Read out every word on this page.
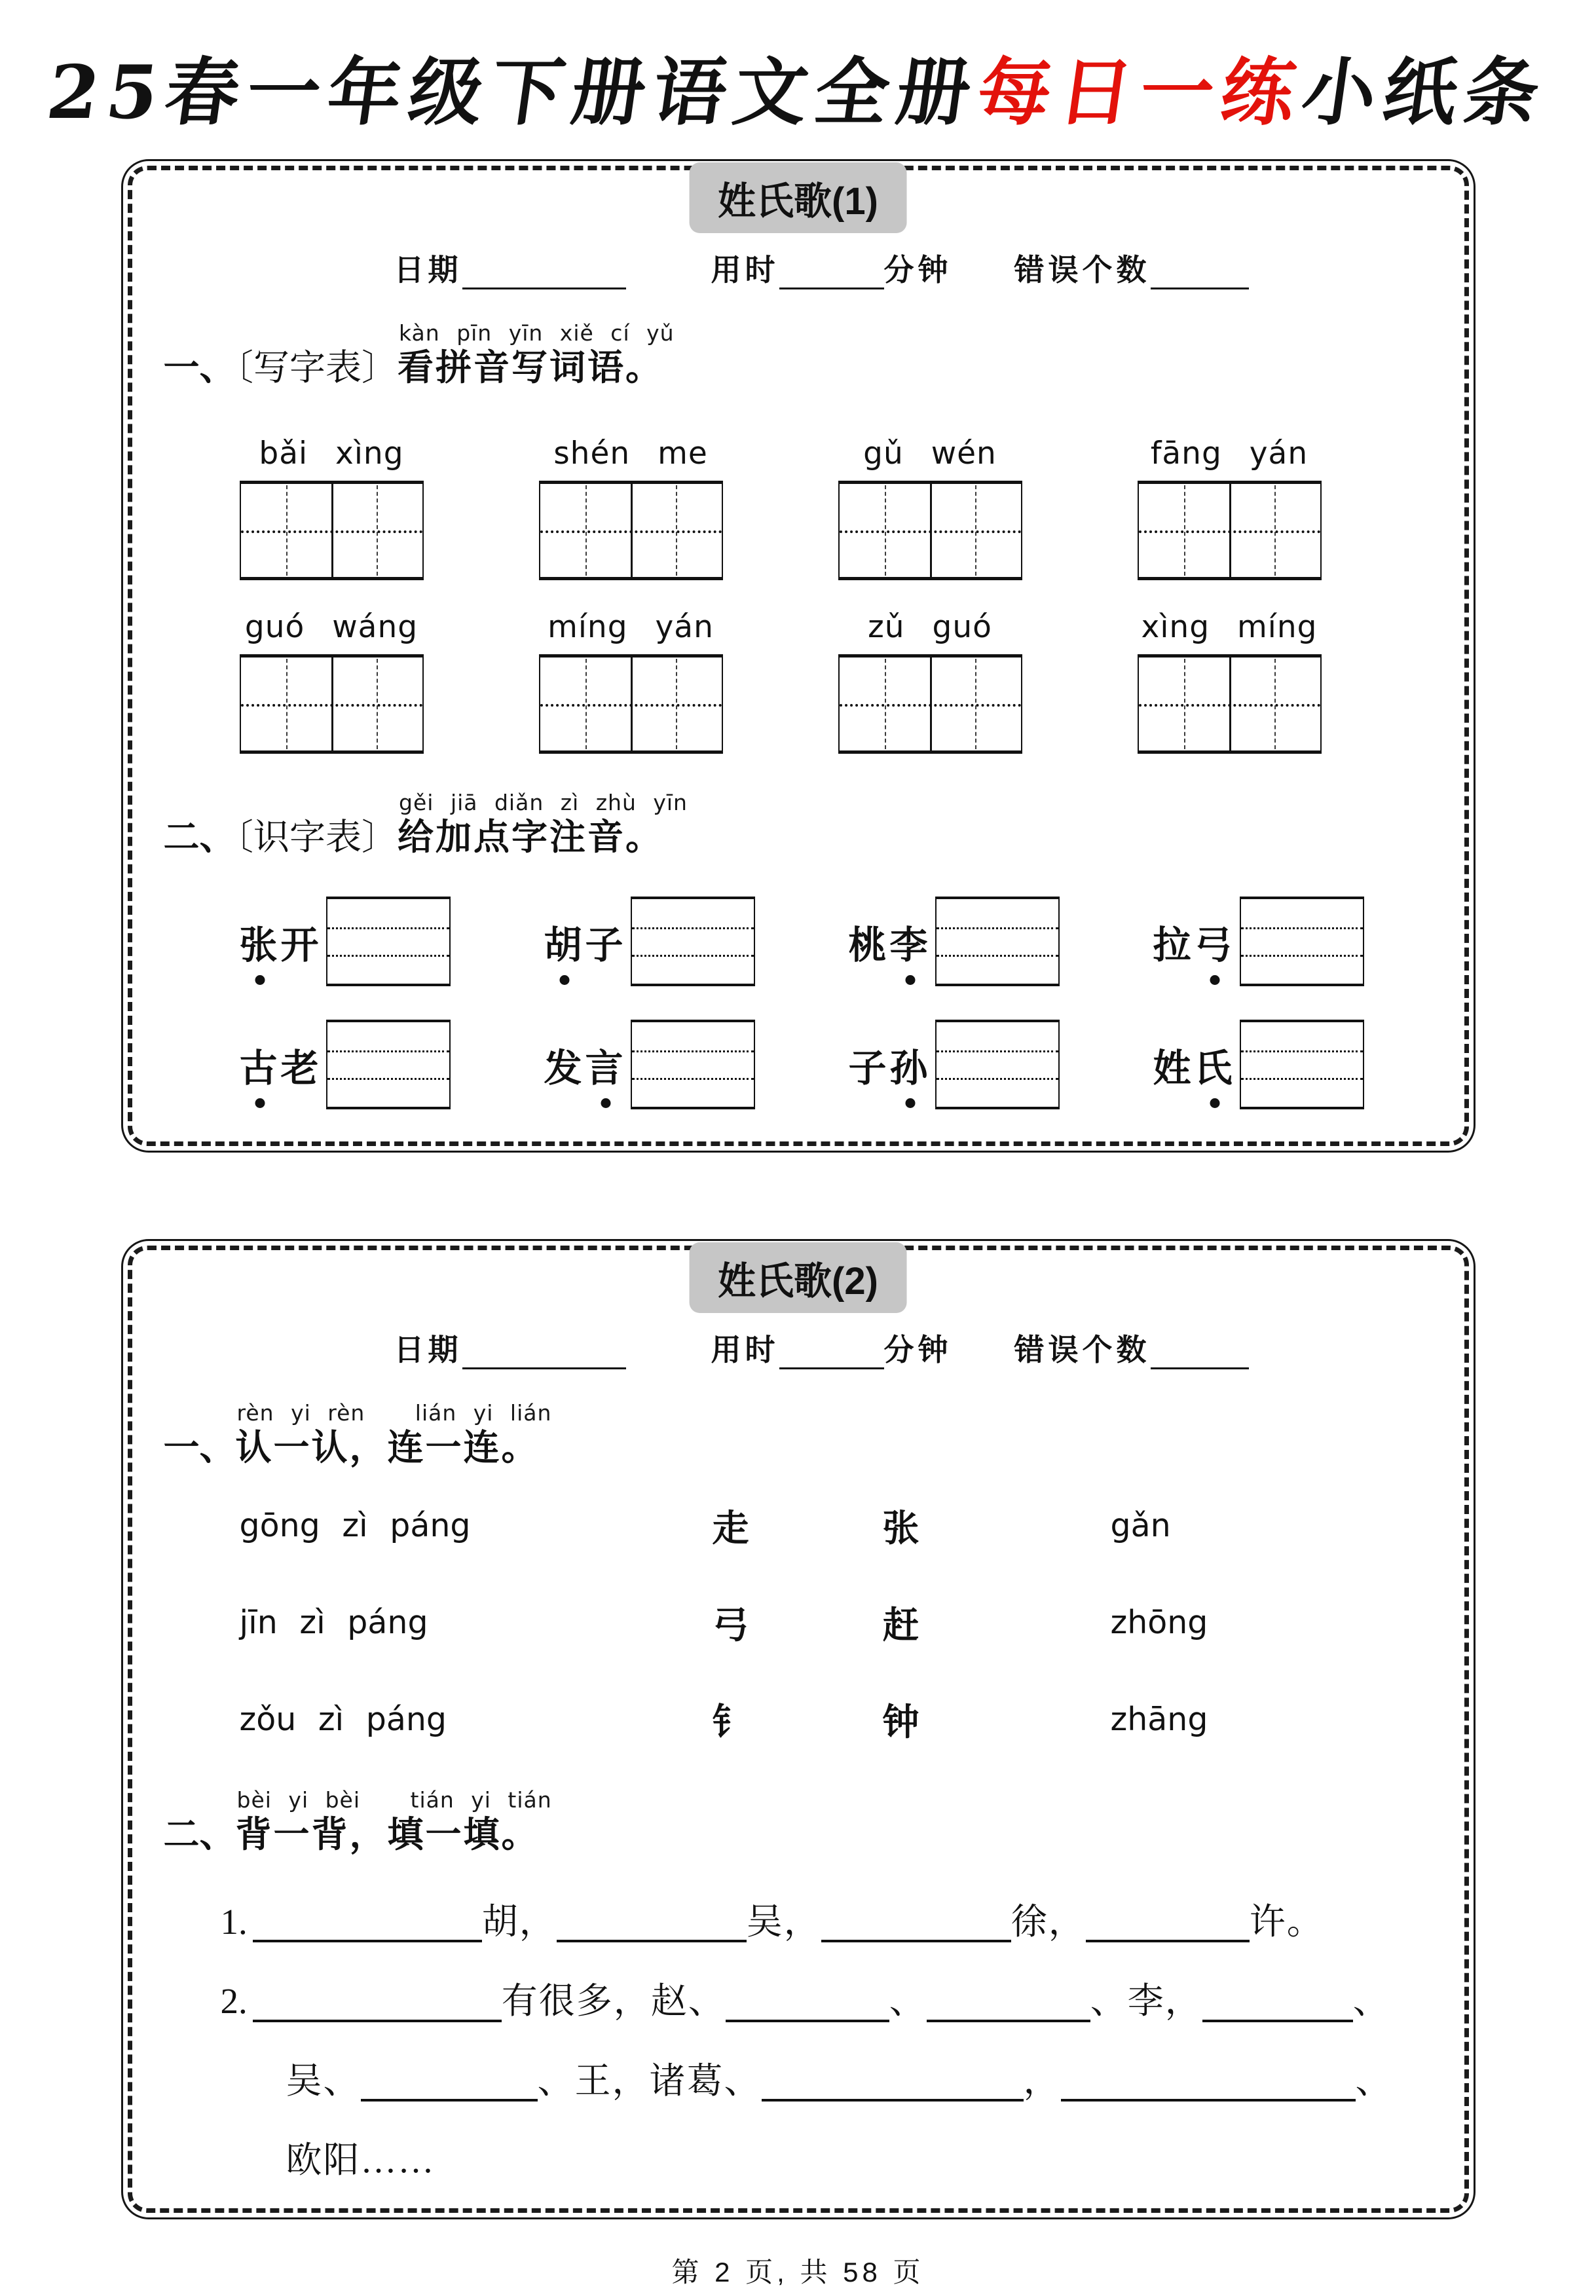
25春一年级下册语文全册每日一练小纸条
姓氏歌(1)
日期	用时	分钟 错误个数
一、〔写字表〕
kàn pīn yīn xiě cí yǔ
看拼音写词语。
bǎi xìng	shén me	gǔ wén	fāng yán
guó wáng	míng yán	zǔ guó	xìng míng
二、〔识字表〕
gěi jiā diǎn zì zhù yīn
给加点字注音。
张开	胡子	桃李	拉弓
古老	发言	子孙	姓氏
姓氏歌(2)
日期	用时	分钟 错误个数
一、
rèn yi rèn   lián yi lián
认一认，连一连。
gōng zì páng	走	张	gǎn
jīn zì páng	弓	赶	zhōng
zǒu zì páng	钅	钟	zhāng
二、
bèi yi bèi   tián yi tián
背一背，填一填。
1.	胡，	吴，	徐，	许。
2.	有很多，赵、	、	、李，	、
吴、	、王，诸葛、	，	、
欧阳……
第 2 页, 共 58 页
